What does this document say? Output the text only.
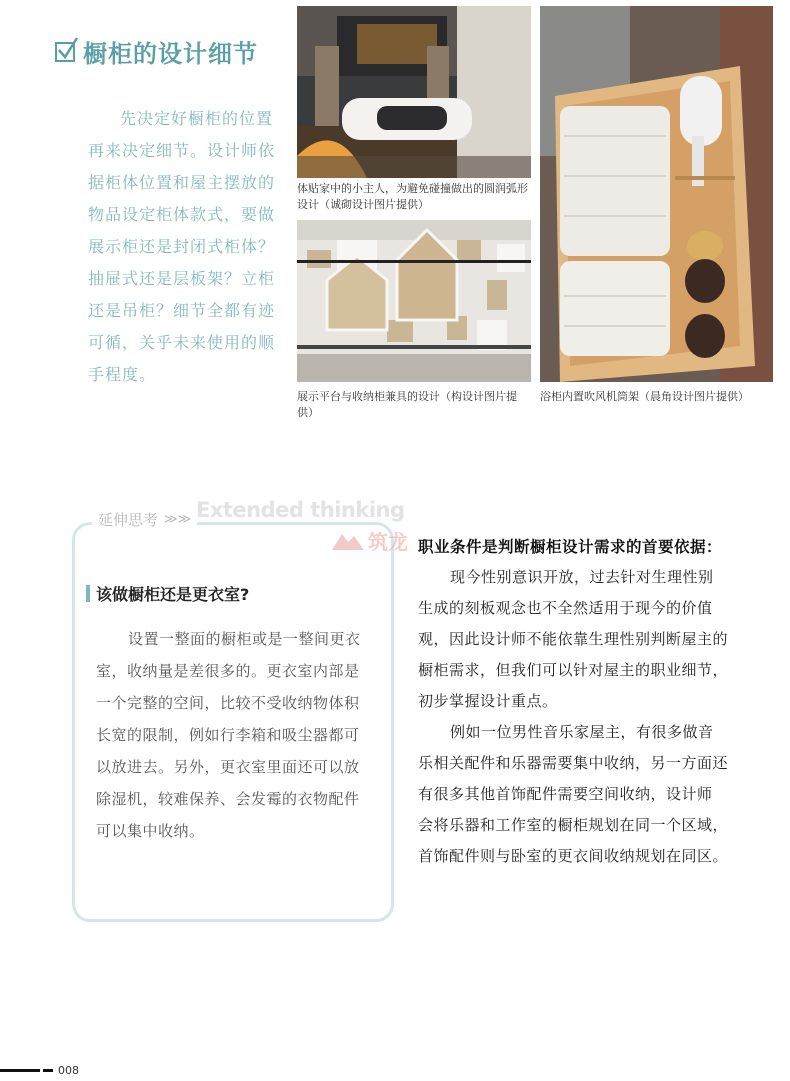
橱柜的设计细节
先决定好橱柜的位置
再来决定细节。设计师依
据柜体位置和屋主摆放的
物品设定柜体款式，要做
展示柜还是封闭式柜体？
抽屉式还是层板架？立柜
还是吊柜？细节全都有迹
可循，关乎未来使用的顺
手程度。
体贴家中的小主人，为避免碰撞做出的圆润弧形设计（诚砌设计图片提供）
展示平台与收纳柜兼具的设计（构设计图片提供）
浴柜内置吹风机筒架（晨角设计图片提供）
延伸思考 ≫≫ Extended thinking
该做橱柜还是更衣室?
设置一整面的橱柜或是一整间更衣
室，收纳量是差很多的。更衣室内部是
一个完整的空间，比较不受收纳物体积
长宽的限制，例如行李箱和吸尘器都可
以放进去。另外，更衣室里面还可以放
除湿机，较难保养、会发霉的衣物配件
可以集中收纳。
筑龙 职业条件是判断橱柜设计需求的首要依据：
现今性别意识开放，过去针对生理性别
生成的刻板观念也不全然适用于现今的价值
观，因此设计师不能依靠生理性别判断屋主的
橱柜需求，但我们可以针对屋主的职业细节，
初步掌握设计重点。
例如一位男性音乐家屋主，有很多做音
乐相关配件和乐器需要集中收纳，另一方面还
有很多其他首饰配件需要空间收纳，设计师
会将乐器和工作室的橱柜规划在同一个区域，
首饰配件则与卧室的更衣间收纳规划在同区。
008
